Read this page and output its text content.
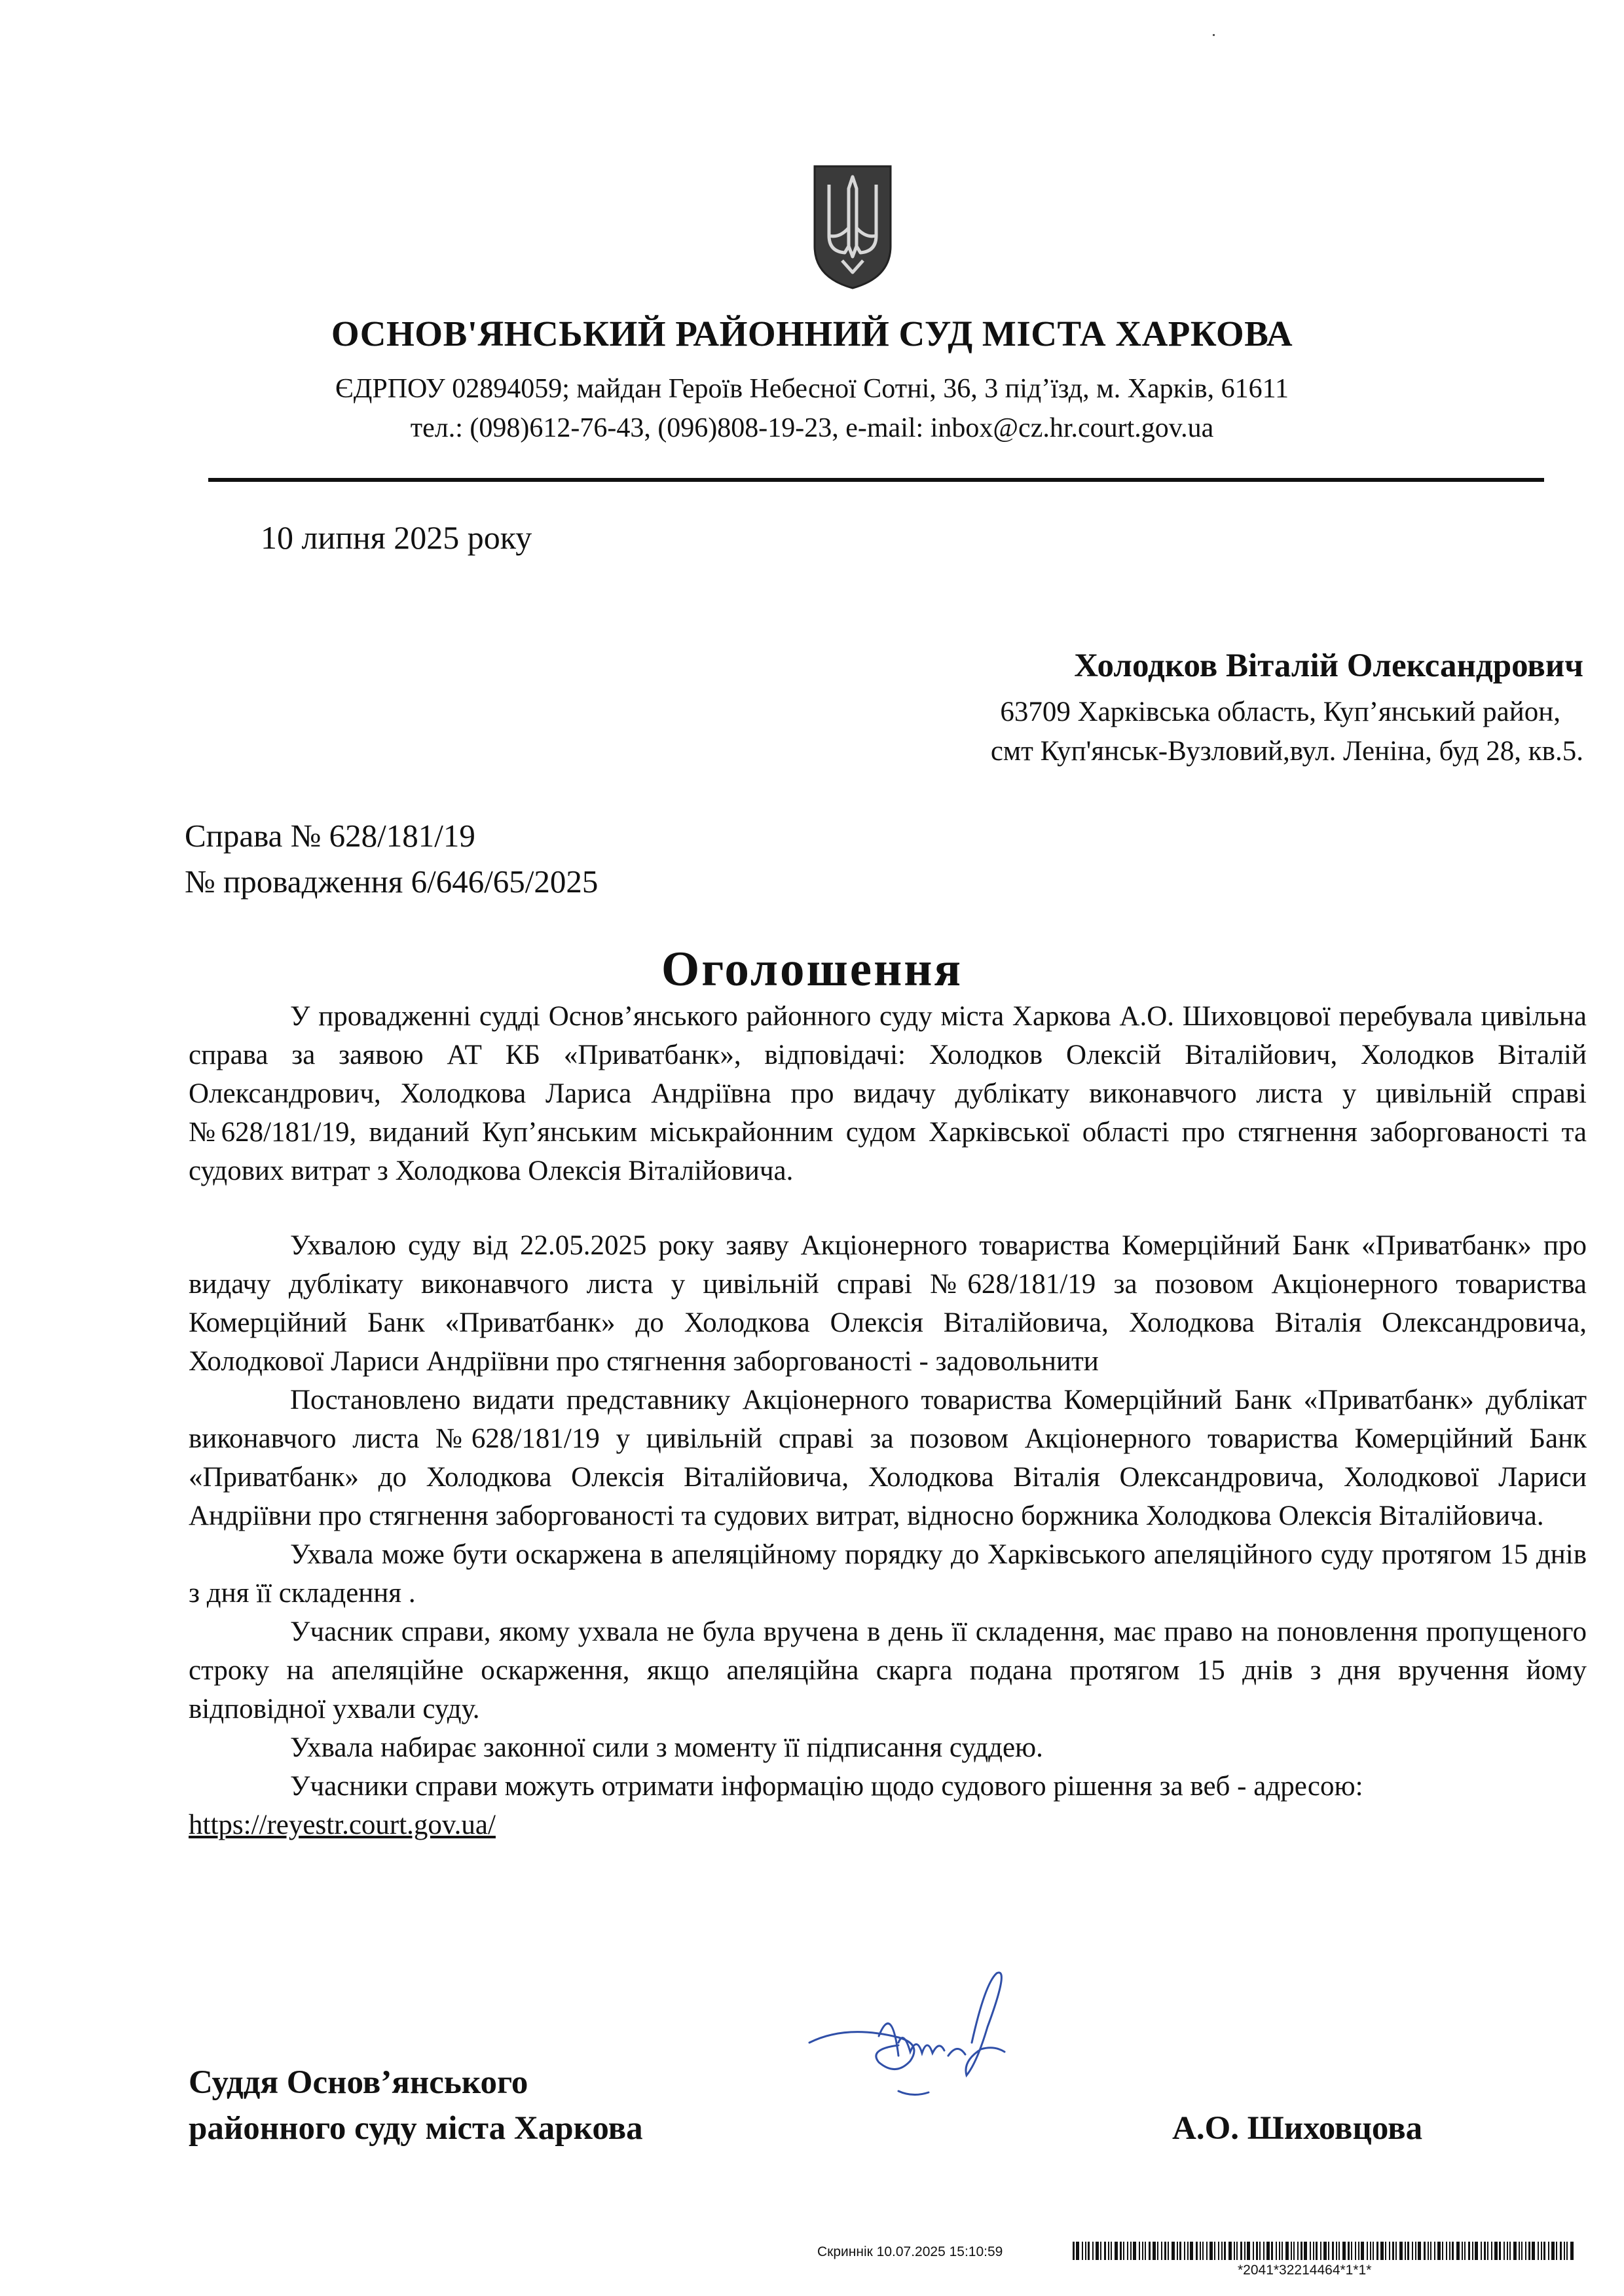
ОСНОВ'ЯНСЬКИЙ РАЙОННИЙ СУД МІСТА ХАРКОВА
ЄДРПОУ 02894059; майдан Героїв Небесної Сотні, 36, 3 під’їзд, м. Харків, 61611
тел.: (098)612-76-43, (096)808-19-23, e-mail: inbox@cz.hr.court.gov.ua
10 липня 2025 року
Холодков Віталій Олександрович
63709 Харківська область, Куп’янський район,
смт Куп'янськ-Вузловий,вул. Леніна, буд 28, кв.5.
Справа № 628/181/19
№ провадження 6/646/65/2025
Оголошення

У провадженні судді Основ’янського районного суду міста Харкова А.О. Шиховцової перебувала цивільна справа за заявою АТ КБ «Приватбанк», відповідачі: Холодков Олексій Віталійович, Холодков Віталій Олександрович, Холодкова Лариса Андріївна про видачу дублікату виконавчого листа у цивільній справі №628/181/19, виданий Куп’янським міськрайонним судом Харківської області про стягнення заборгованості та судових витрат з Холодкова Олексія Віталійовича.

Ухвалою суду від 22.05.2025 року заяву Акціонерного товариства Комерційний Банк «Приватбанк» про видачу дублікату виконавчого листа у цивільній справі №628/181/19 за позовом Акціонерного товариства Комерційний Банк «Приватбанк» до Холодкова Олексія Віталійовича, Холодкова Віталія Олександровича, Холодкової Лариси Андріївни про стягнення заборгованості - задовольнити

Постановлено видати представнику Акціонерного товариства Комерційний Банк «Приватбанк» дублікат виконавчого листа №628/181/19 у цивільній справі за позовом Акціонерного товариства Комерційний Банк «Приватбанк» до Холодкова Олексія Віталійовича, Холодкова Віталія Олександровича, Холодкової Лариси Андріївни про стягнення заборгованості та судових витрат, відносно боржника Холодкова Олексія Віталійовича.

Ухвала може бути оскаржена в апеляційному порядку до Харківського апеляційного суду протягом 15 днів з дня її складення .

Учасник справи, якому ухвала не була вручена в день її складення, має право на поновлення пропущеного строку на апеляційне оскарження, якщо апеляційна скарга подана протягом 15 днів з дня вручення йому відповідної ухвали суду.

Ухвала набирає законної сили з моменту її підписання суддею.

Учасники справи можуть отримати інформацію щодо судового рішення за веб - адресою:

https://reyestr.court.gov.ua/
Суддя Основ’янського
районного суду міста Харкова	А.О. Шиховцова
Скриннік 10.07.2025 15:10:59
*2041*32214464*1*1*
